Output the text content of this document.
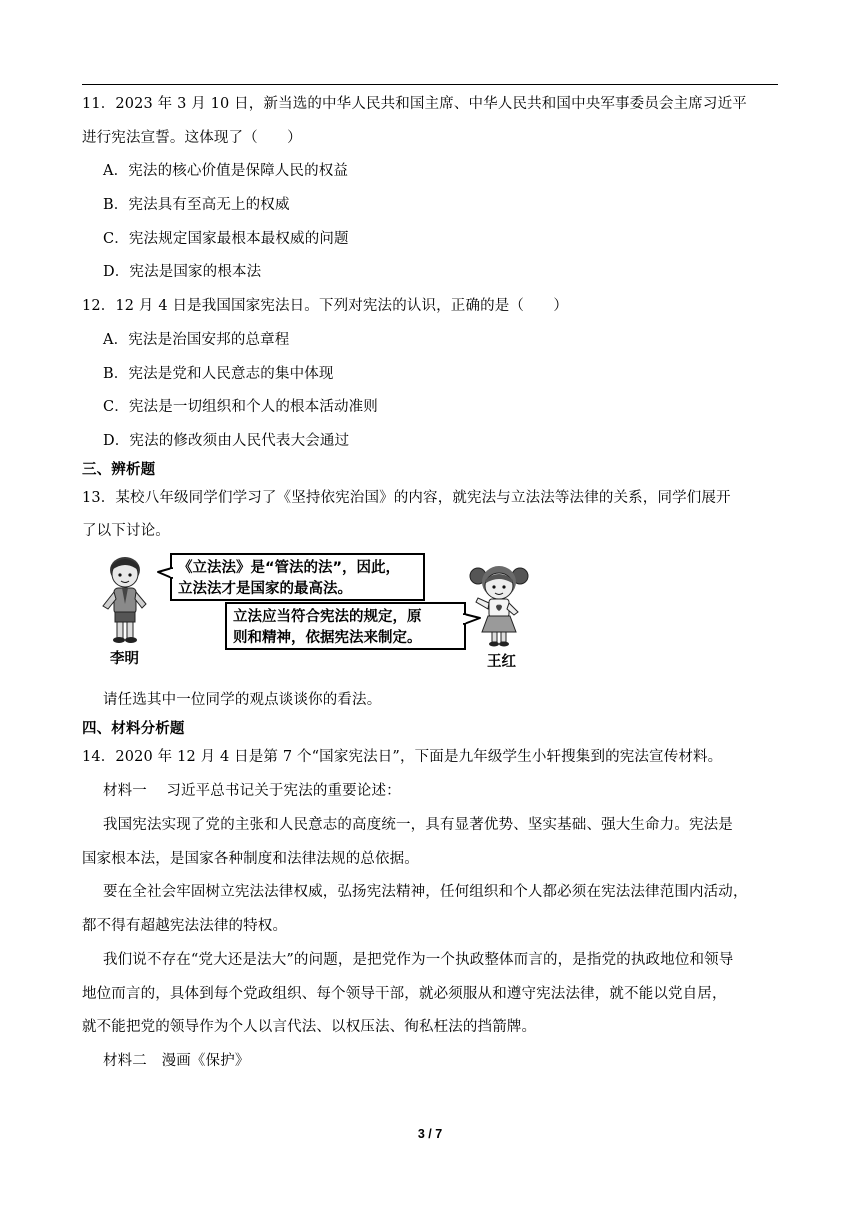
11．2023 年 3 月 10 日，新当选的中华人民共和国主席、中华人民共和国中央军事委员会主席习近平
进行宪法宣誓。这体现了（　　）
A．宪法的核心价值是保障人民的权益
B．宪法具有至高无上的权威
C．宪法规定国家最根本最权威的问题
D．宪法是国家的根本法
12．12 月 4 日是我国国家宪法日。下列对宪法的认识，正确的是（　　）
A．宪法是治国安邦的总章程
B．宪法是党和人民意志的集中体现
C．宪法是一切组织和个人的根本活动准则
D．宪法的修改须由人民代表大会通过
三、辨析题
13．某校八年级同学们学习了《坚持依宪治国》的内容，就宪法与立法法等法律的关系，同学们展开
了以下讨论。
李明
《立法法》是“管法的法”，因此，
立法法才是国家的最高法。
立法应当符合宪法的规定，原
则和精神，依据宪法来制定。
王红
请任选其中一位同学的观点谈谈你的看法。
四、材料分析题
14．2020 年 12 月 4 日是第 7 个“国家宪法日”，下面是九年级学生小轩搜集到的宪法宣传材料。
材料一　 习近平总书记关于宪法的重要论述：
我国宪法实现了党的主张和人民意志的高度统一，具有显著优势、坚实基础、强大生命力。宪法是
国家根本法，是国家各种制度和法律法规的总依据。
要在全社会牢固树立宪法法律权威，弘扬宪法精神，任何组织和个人都必须在宪法法律范围内活动，
都不得有超越宪法法律的特权。
我们说不存在“党大还是法大”的问题，是把党作为一个执政整体而言的，是指党的执政地位和领导
地位而言的，具体到每个党政组织、每个领导干部，就必须服从和遵守宪法法律，就不能以党自居，
就不能把党的领导作为个人以言代法、以权压法、徇私枉法的挡箭牌。
材料二　漫画《保护》
3 / 7
